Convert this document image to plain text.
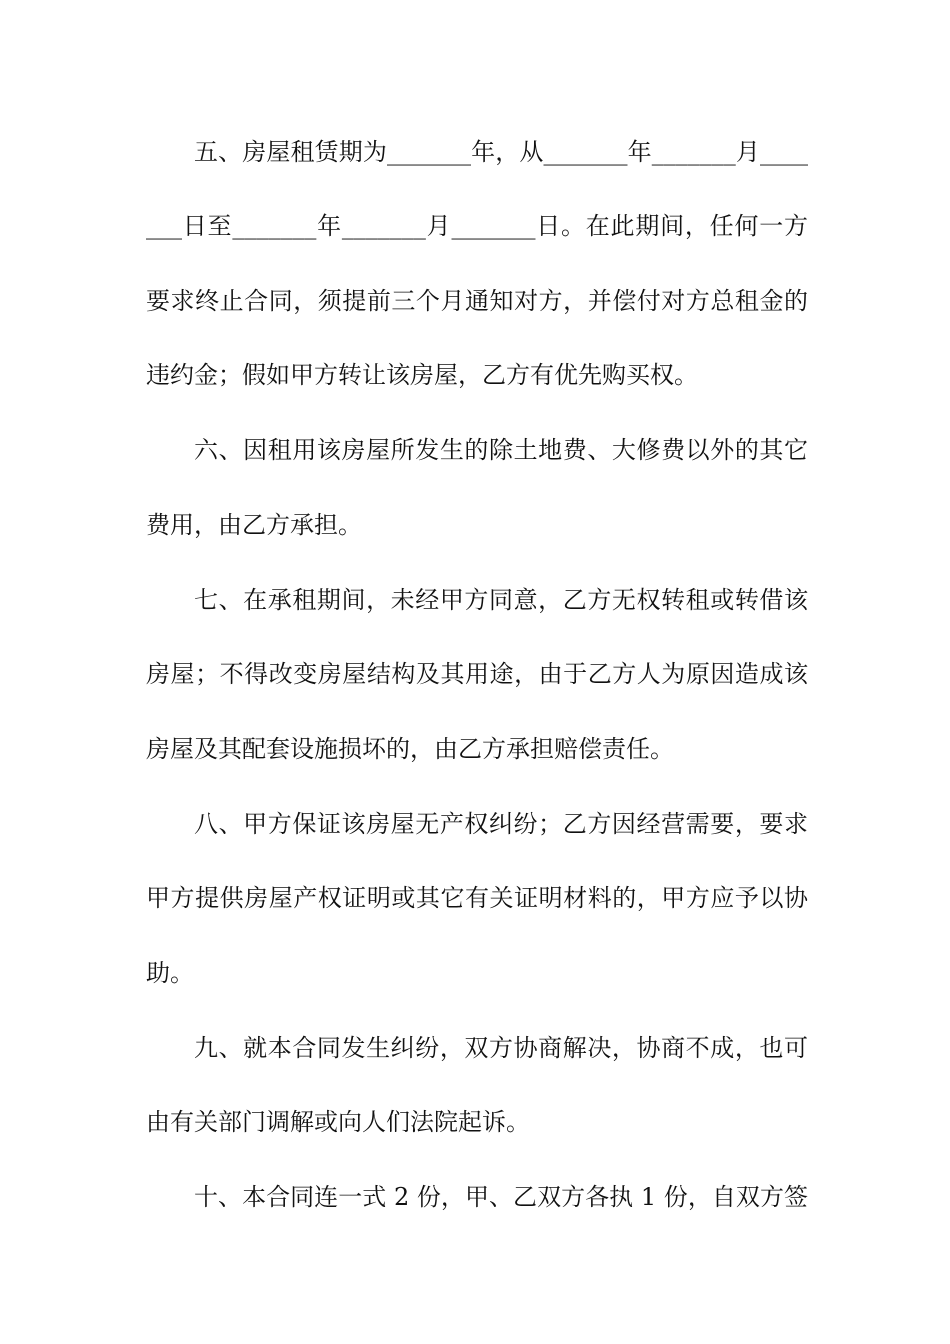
五、房屋租赁期为_______年，从_______年_______月____
___日至_______年_______月_______日。在此期间，任何一方
要求终止合同，须提前三个月通知对方，并偿付对方总租金的
违约金；假如甲方转让该房屋，乙方有优先购买权。
六、因租用该房屋所发生的除土地费、大修费以外的其它
费用，由乙方承担。
七、在承租期间，未经甲方同意，乙方无权转租或转借该
房屋；不得改变房屋结构及其用途，由于乙方人为原因造成该
房屋及其配套设施损坏的，由乙方承担赔偿责任。
八、甲方保证该房屋无产权纠纷；乙方因经营需要，要求
甲方提供房屋产权证明或其它有关证明材料的，甲方应予以协
助。
九、就本合同发生纠纷，双方协商解决，协商不成，也可
由有关部门调解或向人们法院起诉。
十、本合同连一式 2 份，甲、乙双方各执 1 份，自双方签
